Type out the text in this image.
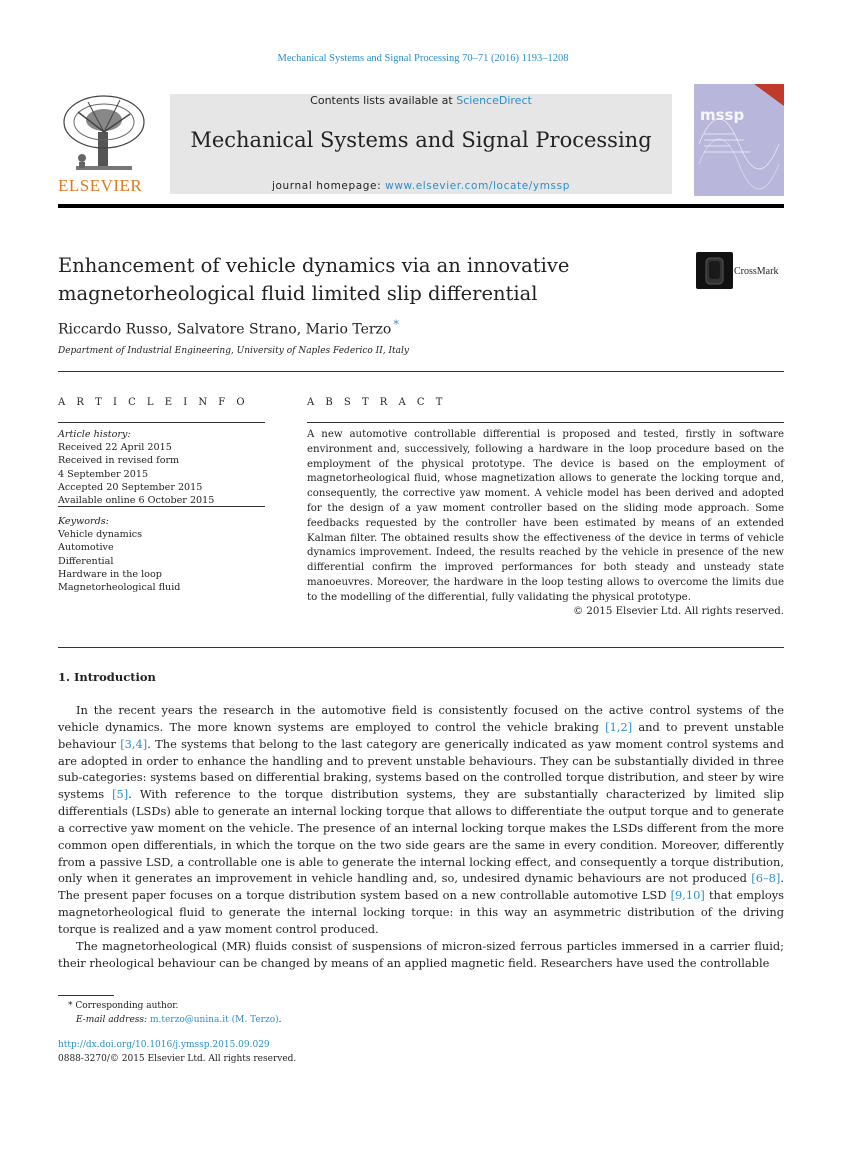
Mechanical Systems and Signal Processing 70–71 (2016) 1193–1208
ELSEVIER
Contents lists available at ScienceDirect
Mechanical Systems and Signal Processing
journal homepage: www.elsevier.com/locate/ymssp
mssp
Enhancement of vehicle dynamics via an innovative
magnetorheological fluid limited slip differential
CrossMark
Riccardo Russo, Salvatore Strano, Mario Terzo *
Department of Industrial Engineering, University of Naples Federico II, Italy
A R T I C L E I N F O	A B S T R A C T
Article history:
Received 22 April 2015
Received in revised form
4 September 2015
Accepted 20 September 2015
Available online 6 October 2015
Keywords:
Vehicle dynamics
Automotive
Differential
Hardware in the loop
Magnetorheological fluid
A new automotive controllable differential is proposed and tested, firstly in software environment and, successively, following a hardware in the loop procedure based on the employment of the physical prototype. The device is based on the employment of magnetorheological fluid, whose magnetization allows to generate the locking torque and, consequently, the corrective yaw moment. A vehicle model has been derived and adopted for the design of a yaw moment controller based on the sliding mode approach. Some feedbacks requested by the controller have been estimated by means of an extended Kalman filter. The obtained results show the effectiveness of the device in terms of vehicle dynamics improvement. Indeed, the results reached by the vehicle in presence of the new differential confirm the improved performances for both steady and unsteady state manoeuvres. Moreover, the hardware in the loop testing allows to overcome the limits due to the modelling of the differential, fully validating the physical prototype.
© 2015 Elsevier Ltd. All rights reserved.
1. Introduction

In the recent years the research in the automotive field is consistently focused on the active control systems of the vehicle dynamics. The more known systems are employed to control the vehicle braking [1,2] and to prevent unstable behaviour [3,4]. The systems that belong to the last category are generically indicated as yaw moment control systems and are adopted in order to enhance the handling and to prevent unstable behaviours. They can be substantially divided in three sub-categories: systems based on differential braking, systems based on the controlled torque distribution, and steer by wire systems [5]. With reference to the torque distribution systems, they are substantially characterized by limited slip differentials (LSDs) able to generate an internal locking torque that allows to differentiate the output torque and to generate a corrective yaw moment on the vehicle. The presence of an internal locking torque makes the LSDs different from the more common open differentials, in which the torque on the two side gears are the same in every condition. Moreover, differently from a passive LSD, a controllable one is able to generate the internal locking effect, and consequently a torque distribution, only when it generates an improvement in vehicle handling and, so, undesired dynamic behaviours are not produced [6–8]. The present paper focuses on a torque distribution system based on a new controllable automotive LSD [9,10] that employs magnetorheological fluid to generate the internal locking torque: in this way an asymmetric distribution of the driving torque is realized and a yaw moment control produced.

The magnetorheological (MR) fluids consist of suspensions of micron-sized ferrous particles immersed in a carrier fluid; their rheological behaviour can be changed by means of an applied magnetic field. Researchers have used the controllable

* Corresponding author.
E-mail address: m.terzo@unina.it (M. Terzo).
http://dx.doi.org/10.1016/j.ymssp.2015.09.029
0888-3270/© 2015 Elsevier Ltd. All rights reserved.
